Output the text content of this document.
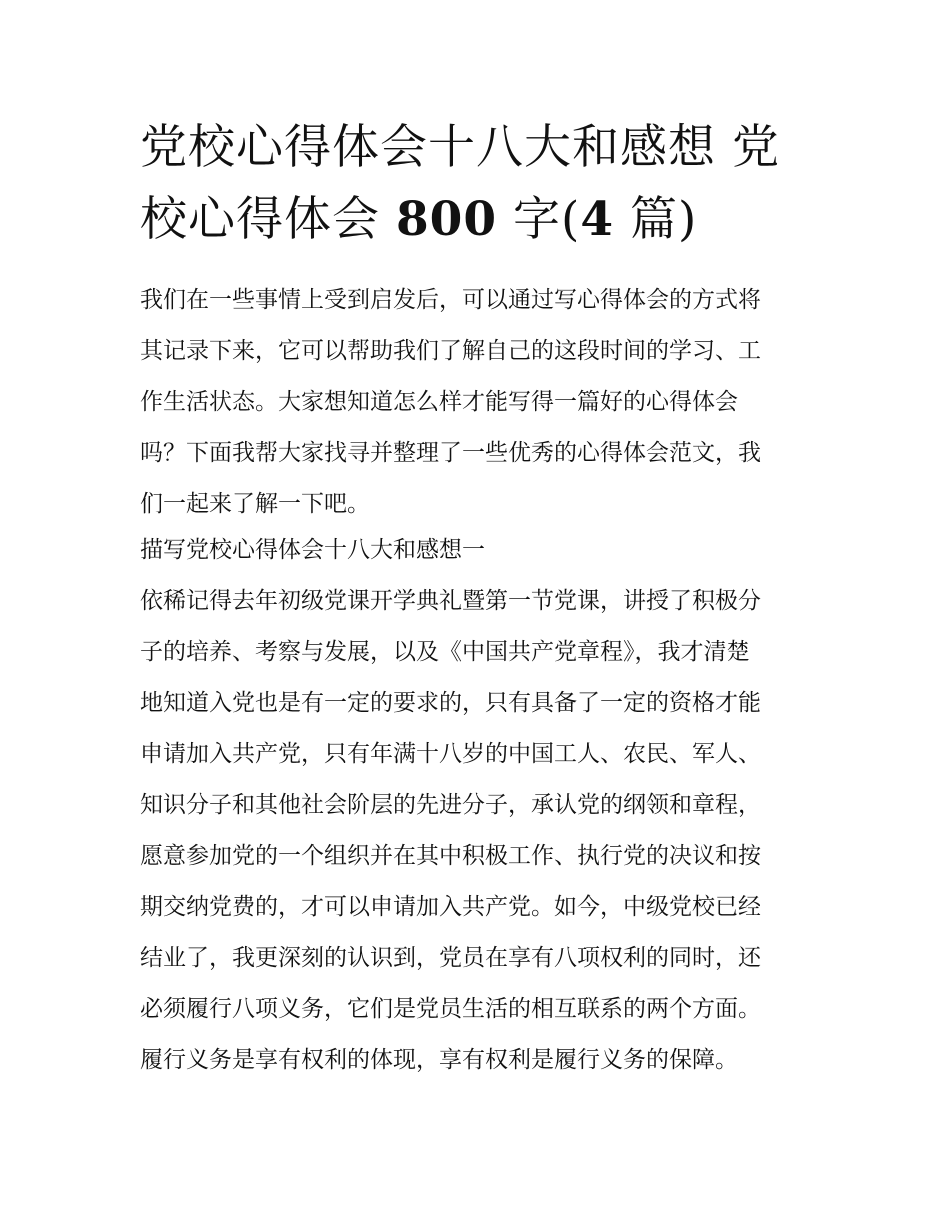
党校心得体会十八大和感想 党
校心得体会 800 字(4 篇)

我们在一些事情上受到启发后，可以通过写心得体会的方式将
其记录下来，它可以帮助我们了解自己的这段时间的学习、工
作生活状态。大家想知道怎么样才能写得一篇好的心得体会
吗？下面我帮大家找寻并整理了一些优秀的心得体会范文，我
们一起来了解一下吧。

描写党校心得体会十八大和感想一

依稀记得去年初级党课开学典礼暨第一节党课，讲授了积极分
子的培养、考察与发展，以及《中国共产党章程》，我才清楚
地知道入党也是有一定的要求的，只有具备了一定的资格才能
申请加入共产党，只有年满十八岁的中国工人、农民、军人、
知识分子和其他社会阶层的先进分子，承认党的纲领和章程，
愿意参加党的一个组织并在其中积极工作、执行党的决议和按
期交纳党费的，才可以申请加入共产党。如今，中级党校已经
结业了，我更深刻的认识到，党员在享有八项权利的同时，还
必须履行八项义务，它们是党员生活的相互联系的两个方面。
履行义务是享有权利的体现，享有权利是履行义务的保障。
